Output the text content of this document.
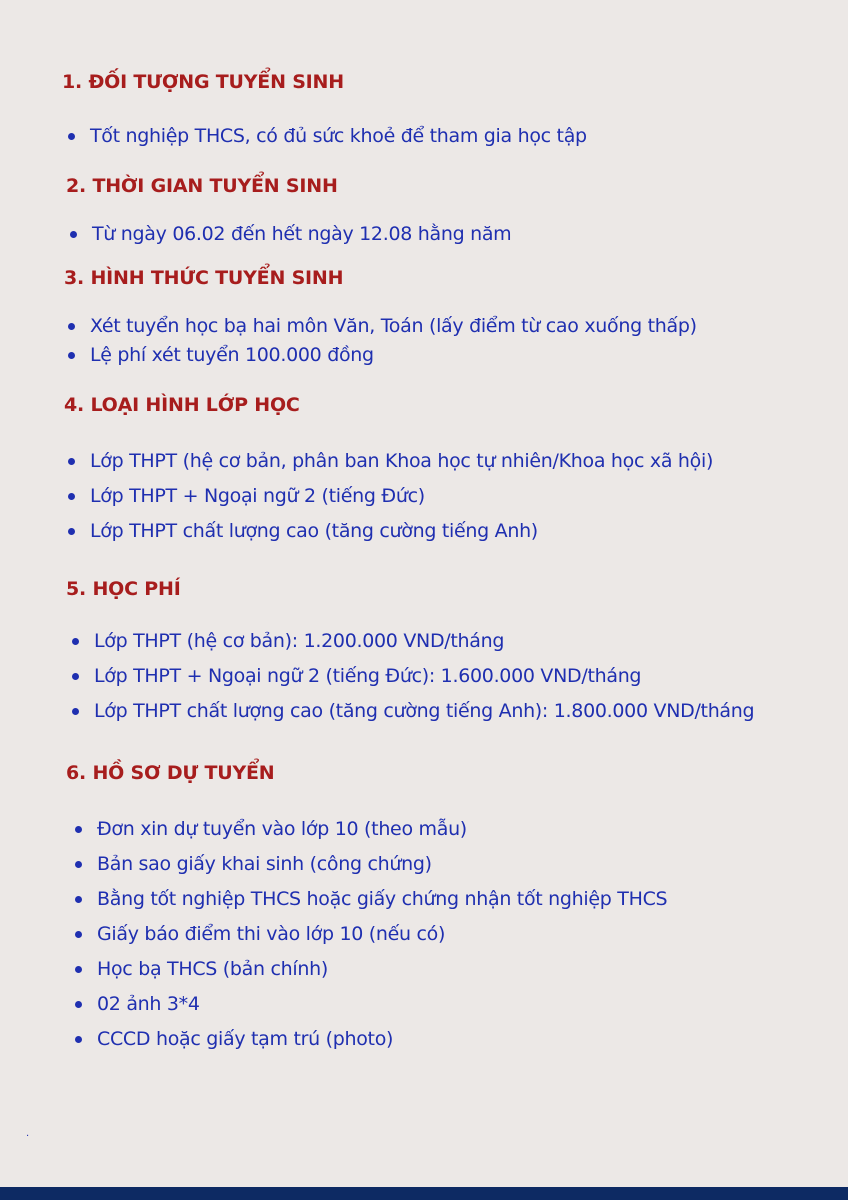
1. ĐỐI TƯỢNG TUYỂN SINH
Tốt nghiệp THCS, có đủ sức khoẻ để tham gia học tập
2. THỜI GIAN TUYỂN SINH
Từ ngày 06.02 đến hết ngày 12.08 hằng năm
3. HÌNH THỨC TUYỂN SINH
Xét tuyển học bạ hai môn Văn, Toán (lấy điểm từ cao xuống thấp)
Lệ phí xét tuyển 100.000 đồng
4. LOẠI HÌNH LỚP HỌC
Lớp THPT (hệ cơ bản, phân ban Khoa học tự nhiên/Khoa học xã hội)
Lớp THPT + Ngoại ngữ 2 (tiếng Đức)
Lớp THPT chất lượng cao (tăng cường tiếng Anh)
5. HỌC PHÍ
Lớp THPT (hệ cơ bản): 1.200.000 VND/tháng
Lớp THPT + Ngoại ngữ 2 (tiếng Đức): 1.600.000 VND/tháng
Lớp THPT chất lượng cao (tăng cường tiếng Anh): 1.800.000 VND/tháng
6. HỒ SƠ DỰ TUYỂN
Đơn xin dự tuyển vào lớp 10 (theo mẫu)
Bản sao giấy khai sinh (công chứng)
Bằng tốt nghiệp THCS hoặc giấy chứng nhận tốt nghiệp THCS
Giấy báo điểm thi vào lớp 10 (nếu có)
Học bạ THCS (bản chính)
02 ảnh 3*4
CCCD hoặc giấy tạm trú (photo)
.
